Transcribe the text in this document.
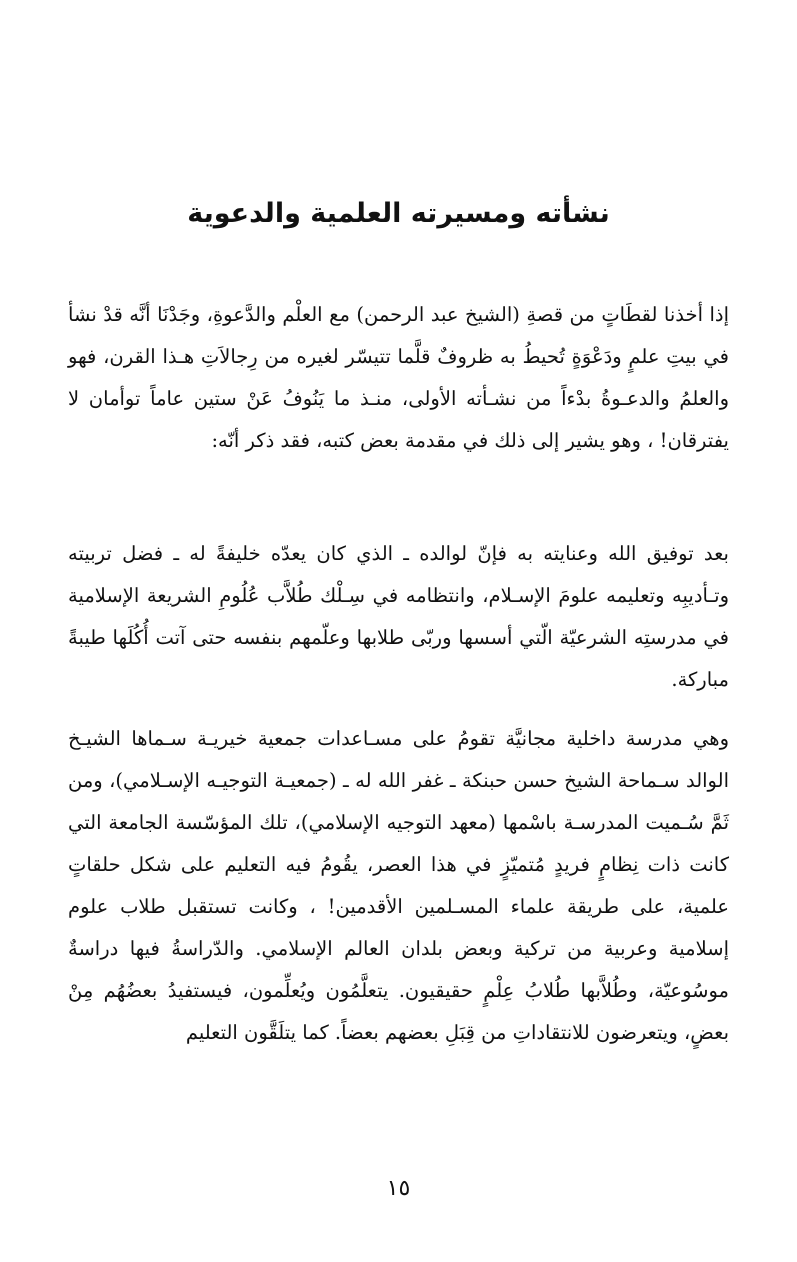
نشأته ومسيرته العلمية والدعوية

إذا أخذنا لقطَاتٍ من قصةِ (الشيخ عبد الرحمن) مع العلْم والدَّعوةِ، وجَدْنَا أنَّه قدْ نشأ في بيتِ علمٍ ودَعْوَةٍ تُحيطُ به ظروفٌ قلَّما تتيسّر لغيره من رِجالاَتِ هـذا القرن، فهو والعلمُ والدعـوةُ بدْءاً من نشـأته الأولى، منـذ ما يَنُوفُ عَنْ ستين عاماً توأمان لا يفترقان! ، وهو يشير إلى ذلك في مقدمة بعض كتبه، فقد ذكر أنّه:

بعد توفيق الله وعنايته به فإنّ لوالده ـ الذي كان يعدّه خليفةً له ـ فضل تربيته وتـأديبِه وتعليمه علومَ الإسـلام، وانتظامه في سِـلْك طُلاَّب عُلُومِ الشريعة الإسلامية في مدرستِه الشرعيّة الّتي أسسها وربّى طلابها وعلّمهم بنفسه حتى آتت أُكُلَها طيبةً مباركة.

وهي مدرسة داخلية مجانيَّة تقومُ على مسـاعدات جمعية خيريـة سـماها الشيـخ الوالد سـماحة الشيخ حسن حبنكة ـ غفر الله له ـ (جمعيـة التوجيـه الإسـلامي)، ومن ثَمَّ سُـميت المدرسـة باسْمها (معهد التوجيه الإسلامي)، تلك المؤسّسة الجامعة التي كانت ذات نِظامٍ فريدٍ مُتميّزٍ في هذا العصر، يقُومُ فيه التعليم على شكل حلقاتٍ علمية، على طريقة علماء المسـلمين الأقدمين! ، وكانت تستقبل طلاب علوم إسلامية وعربية من تركية وبعض بلدان العالم الإسلامي. والدّراسةُ فيها دراسةٌ موسُوعيّة، وطُلاَّبها طُلابُ عِلْمٍ حقيقيون. يتعلَّمُون ويُعلِّمون، فيستفيدُ بعضُهُم مِنْ بعضٍ، ويتعرضون للانتقاداتِ من قِبَلِ بعضهم بعضاً. كما يتلَقَّون التعليم

١٥
